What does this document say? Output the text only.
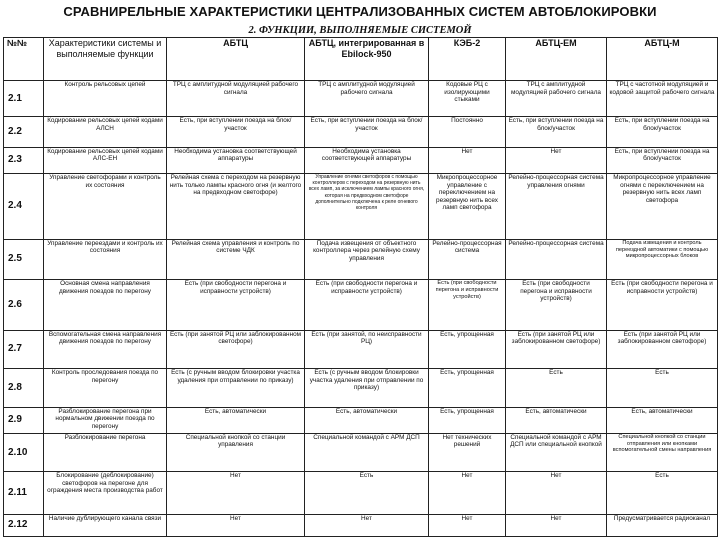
СРАВНИРЕЛЬНЫЕ ХАРАКТЕРИСТИКИ ЦЕНТРАЛИЗОВАННЫХ СИСТЕМ АВТОБЛОКИРОВКИ
2. ФУНКЦИИ, ВЫПОЛНЯЕМЫЕ СИСТЕМОЙ
№№	Характеристики системы и выполняемые функции	АБТЦ	АБТЦ, интегрированная в Ebilock-950	КЭБ-2	АБТЦ-ЕМ	АБТЦ-М
2.1	Контроль рельсовых цепей	ТРЦ с амплитудной модуляцией рабочего сигнала	ТРЦ с амплитудной модуляцией рабочего сигнала	Кодовые РЦ с изолирующими стыками	ТРЦ с амплитудной модуляцией рабочего сигнала	ТРЦ с частотной модуляцией и кодовой защитой рабочего сигнала
2.2	Кодирование рельсовых цепей кодами АЛСН	Есть, при вступлении поезда на блок/участок	Есть, при вступлении поезда на блок/участок	Постоянно	Есть, при вступлении поезда на блок/участок	Есть, при вступлении поезда на блок/участок
2.3	Кодирование рельсовых цепей кодами АЛС-ЕН	Необходима установка соответствующей аппаратуры	Необходима установка соответствующей аппаратуры	Нет	Нет	Есть, при вступлении поезда на блок/участок
2.4	Управление светофорами и контроль их состояния	Релейная схема с переходом на резервную нить только лампы красного огня (и желтого на предвходном светофоре)	Управление огнями светофоров с помощью контроллеров с переходом на резервную нить всех ламп, за исключением лампы красного огня, которая на предвходном светофоре дополнительно подключена к реле огневого контроля	Микропроцессорное управление с переключением на резервную нить всех ламп светофора	Релейно-процессорная система управления огнями	Микропроцессорное управление огнями с переключением на резервную нить всех ламп светофора
2.5	Управление переездами и контроль их состояния	Релейная схема управления и контроль по системе ЧДК	Подача извещения от объектного контроллера через релейную схему управления	Релейно-процессорная система	Релейно-процессорная система	Подача извещения и контроль переездной автоматики с помощью микропроцессорных блоков
2.6	Основная смена направления движения поездов по перегону	Есть (при свободности перегона и исправности устройств)	Есть (при свободности перегона и исправности устройств)	Есть (при свободности перегона и исправности устройств)	Есть (при свободности перегона и исправности устройств)	Есть (при свободности перегона и исправности устройств)
2.7	Вспомогательная смена направления движения поездов по перегону	Есть (при занятой РЦ или заблокированном светофоре)	Есть (при занятой, по неисправности РЦ)	Есть, упрощенная	Есть (при занятой РЦ или заблокированном светофоре)	Есть (при занятой РЦ или заблокированном светофоре)
2.8	Контроль проследования поезда по перегону	Есть (с ручным вводом блокировки участка удаления при отправлении по приказу)	Есть (с ручным вводом блокировки участка удаления при отправлении по приказу)	Есть, упрощенная	Есть	Есть
2.9	Разблокирование перегона при нормальном движении поезда по перегону	Есть, автоматически	Есть, автоматически	Есть, упрощенная	Есть, автоматически	Есть, автоматически
2.10	Разблокирование перегона	Специальной кнопкой со станции управления	Специальной командой с АРМ ДСП	Нет технических решений	Специальной командой с АРМ ДСП или специальной кнопкой	Специальной кнопкой со станции отправления или кнопками вспомогательной смены направления
2.11	Блокирование (деблокирование) светофоров на перегоне для ограждения места производства работ	Нет	Есть	Нет	Нет	Есть
2.12	Наличие дублирующего канала связи	Нет	Нет	Нет	Нет	Предусматривается радиоканал
